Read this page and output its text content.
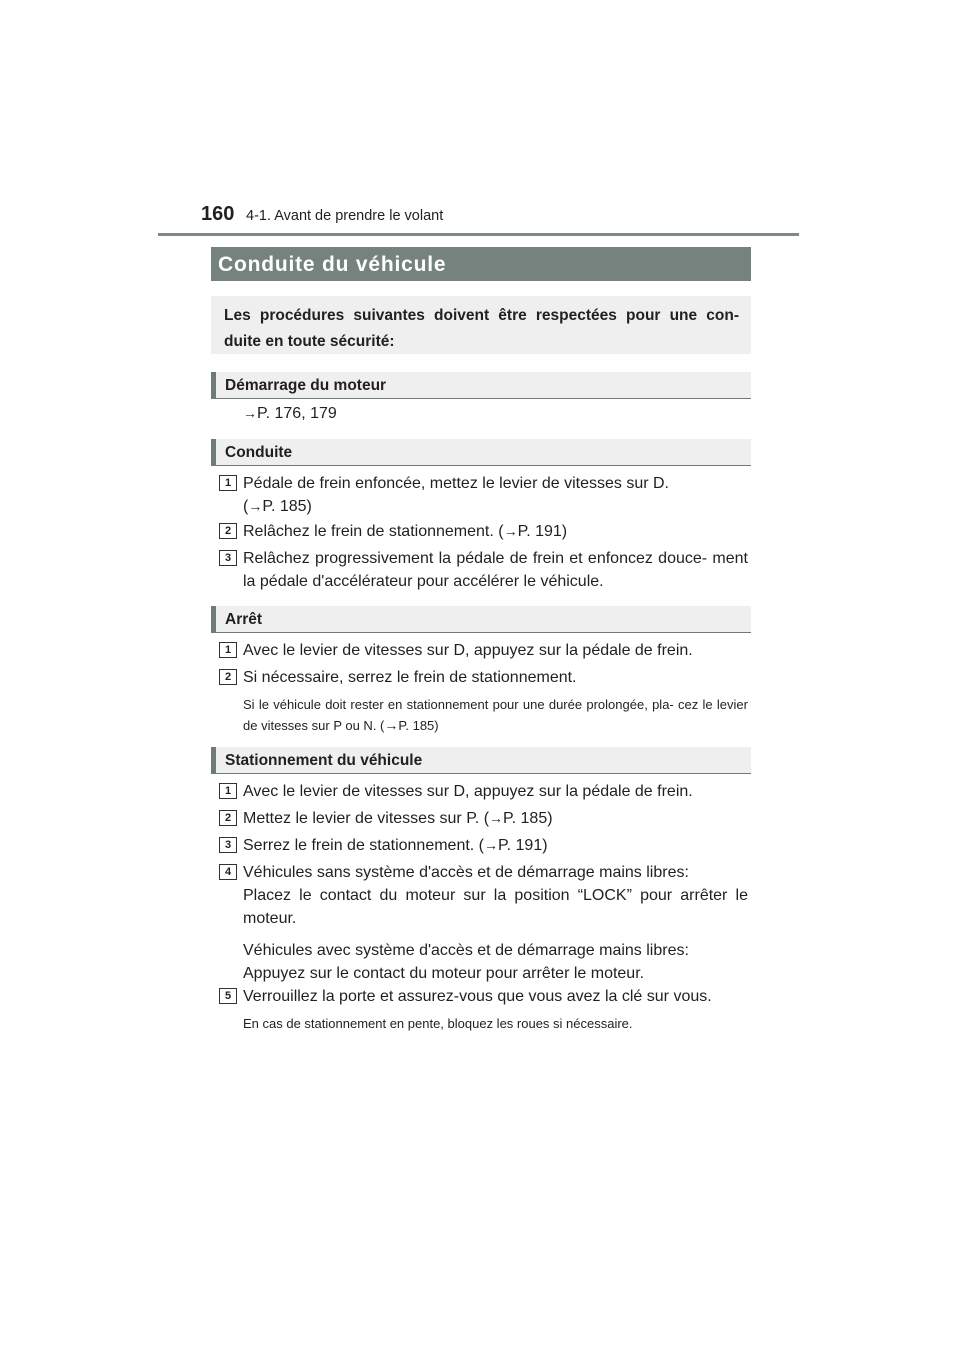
160 4-1. Avant de prendre le volant
Conduite du véhicule
Les procédures suivantes doivent être respectées pour une con- duite en toute sécurité:
Démarrage du moteur
→P. 176, 179
Conduite
1 Pédale de frein enfoncée, mettez le levier de vitesses sur D.
(→P. 185)
2 Relâchez le frein de stationnement. (→P. 191)
3 Relâchez progressivement la pédale de frein et enfoncez douce- ment la pédale d'accélérateur pour accélérer le véhicule.
Arrêt
1 Avec le levier de vitesses sur D, appuyez sur la pédale de frein.
2 Si nécessaire, serrez le frein de stationnement.
Si le véhicule doit rester en stationnement pour une durée prolongée, pla- cez le levier de vitesses sur P ou N. (→P. 185)
Stationnement du véhicule
1 Avec le levier de vitesses sur D, appuyez sur la pédale de frein.
2 Mettez le levier de vitesses sur P. (→P. 185)
3 Serrez le frein de stationnement. (→P. 191)
4 Véhicules sans système d'accès et de démarrage mains libres:
Placez le contact du moteur sur la position “LOCK” pour arrêter le moteur.
Véhicules avec système d'accès et de démarrage mains libres:
Appuyez sur le contact du moteur pour arrêter le moteur.
5 Verrouillez la porte et assurez-vous que vous avez la clé sur vous.
En cas de stationnement en pente, bloquez les roues si nécessaire.
